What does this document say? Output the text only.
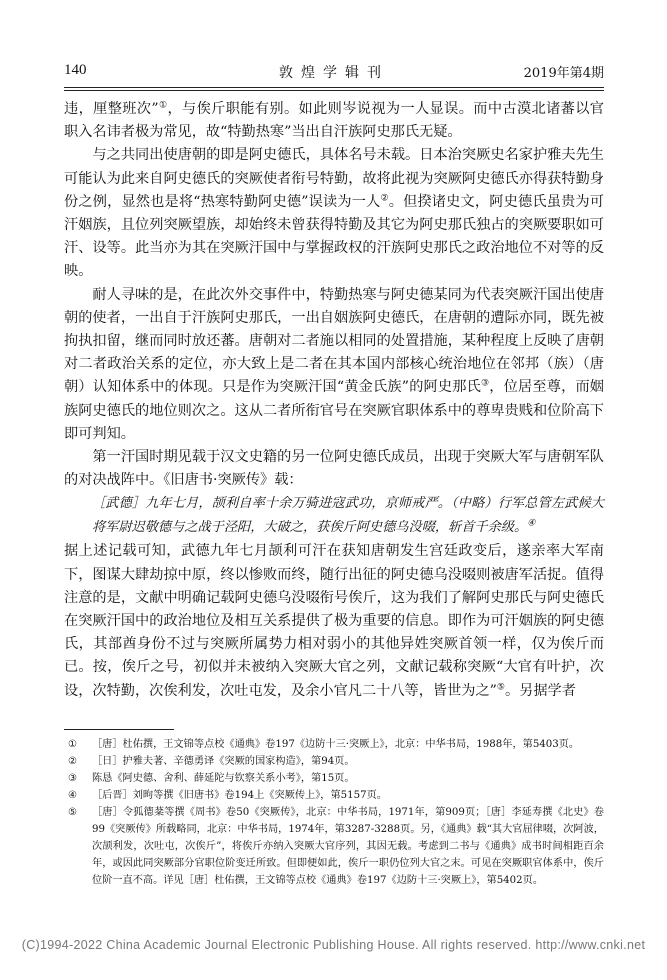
140	敦煌学辑刊	2019年第4期

违，厘整班次”①，与俟斤职能有别。如此则岑说视为一人显误。而中古漠北诸蕃以官职入名讳者极为常见，故“特勤热寒”当出自汗族阿史那氏无疑。

与之共同出使唐朝的即是阿史德氏，具体名号未载。日本治突厥史名家护雅夫先生可能认为此来自阿史德氏的突厥使者衔号特勤，故将此视为突厥阿史德氏亦得获特勤身份之例，显然也是将“热寒特勤阿史德”误读为一人②。但揆诸史文，阿史德氏虽贵为可汗姻族，且位列突厥望族，却始终未曾获得特勤及其它为阿史那氏独占的突厥要职如可汗、设等。此当亦为其在突厥汗国中与掌握政权的汗族阿史那氏之政治地位不对等的反映。

耐人寻味的是，在此次外交事件中，特勤热寒与阿史德某同为代表突厥汗国出使唐朝的使者，一出自于汗族阿史那氏，一出自姻族阿史德氏，在唐朝的遭际亦同，既先被拘执扣留，继而同时放还蕃。唐朝对二者施以相同的处置措施，某种程度上反映了唐朝对二者政治关系的定位，亦大致上是二者在其本国内部核心统治地位在邻邦（族）（唐朝）认知体系中的体现。只是作为突厥汗国“黄金氏族”的阿史那氏③，位居至尊，而姻族阿史德氏的地位则次之。这从二者所衔官号在突厥官职体系中的尊卑贵贱和位阶高下即可判知。

第一汗国时期见载于汉文史籍的另一位阿史德氏成员，出现于突厥大军与唐朝军队的对决战阵中。《旧唐书·突厥传》载：

［武德］九年七月，颉利自率十余万骑进寇武功，京师戒严。（中略）行军总管左武候大将军尉迟敬德与之战于泾阳，大破之，获俟斤阿史德乌没啜，斩首千余级。④

据上述记载可知，武德九年七月颉利可汗在获知唐朝发生宫廷政变后，遂亲率大军南下，图谋大肆劫掠中原，终以惨败而终，随行出征的阿史德乌没啜则被唐军活捉。值得注意的是，文献中明确记载阿史德乌没啜衔号俟斤，这为我们了解阿史那氏与阿史德氏在突厥汗国中的政治地位及相互关系提供了极为重要的信息。即作为可汗姻族的阿史德氏，其部酋身份不过与突厥所属势力相对弱小的其他异姓突厥首领一样，仅为俟斤而已。按，俟斤之号，初似并未被纳入突厥大官之列，文献记载称突厥“大官有叶护，次设，次特勤，次俟利发，次吐屯发，及余小官凡二十八等，皆世为之”⑤。另据学者

①	［唐］杜佑撰，王文锦等点校《通典》卷197《边防十三·突厥上》，北京：中华书局，1988年，第5403页。
②	［日］护雅夫著、辛德勇译《突厥的国家构造》，第94页。
③	陈恳《阿史德、舍利、薛延陀与钦察关系小考》，第15页。
④	［后晋］刘昫等撰《旧唐书》卷194上《突厥传上》，第5157页。
⑤	［唐］令狐德棻等撰《周书》卷50《突厥传》，北京：中华书局，1971年，第909页；［唐］李延寿撰《北史》卷99《突厥传》所载略同，北京：中华书局，1974年，第3287-3288页。另，《通典》载“其大官屈律啜，次阿波，次颉利发，次吐屯，次俟斤”，将俟斤亦纳入突厥大官序列，其因无载。考虑到二书与《通典》成书时间相距百余年，或因此同突厥部分官职位阶变迁所致。但即便如此，俟斤一职仍位列大官之末。可见在突厥职官体系中，俟斤位阶一直不高。详见［唐］杜佑撰，王文锦等点校《通典》卷197《边防十三·突厥上》，第5402页。
(C)1994-2022 China Academic Journal Electronic Publishing House. All rights reserved. http://www.cnki.net
